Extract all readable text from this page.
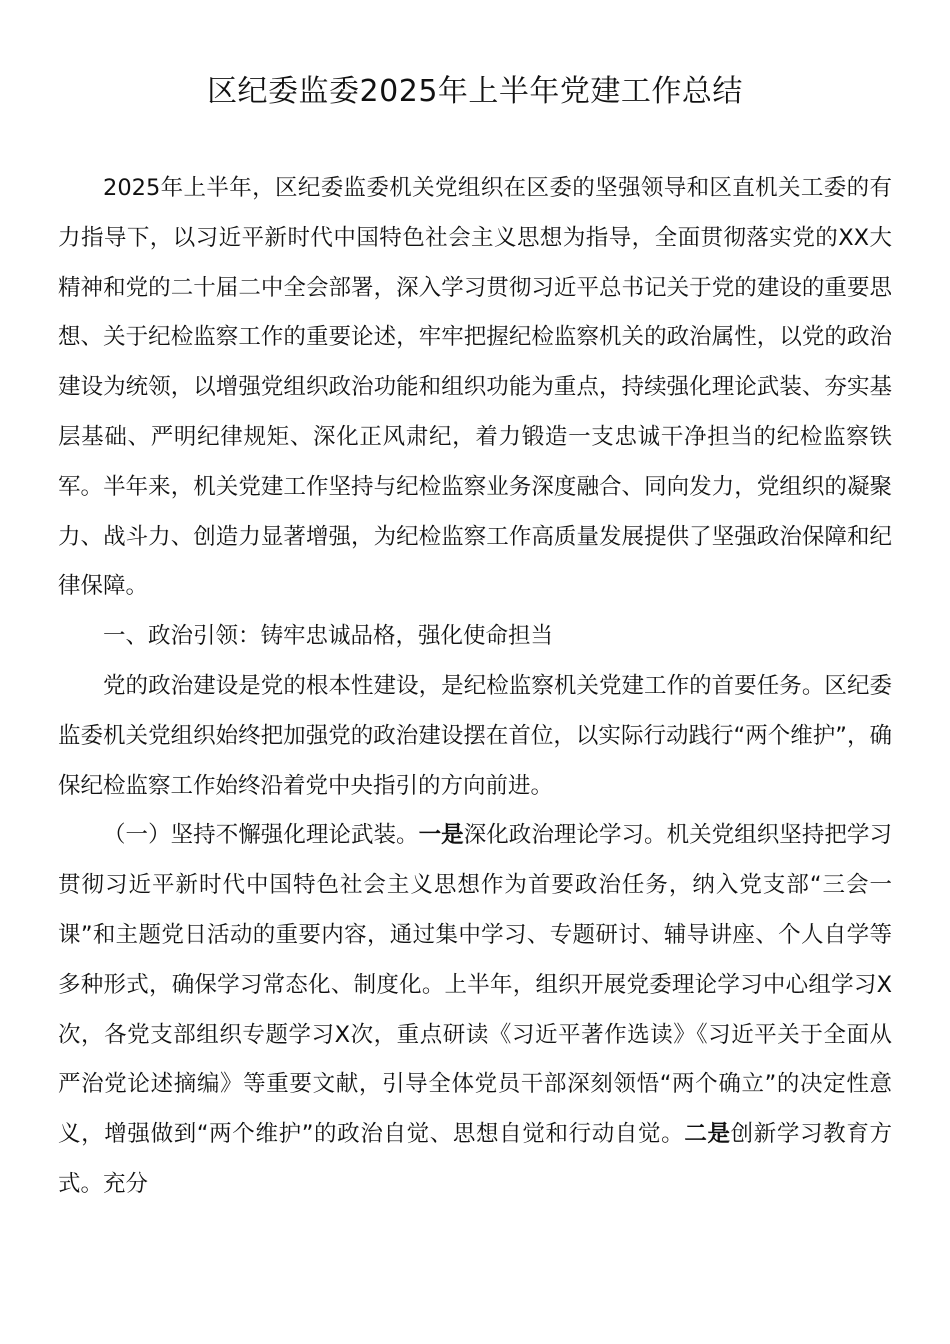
区纪委监委2025年上半年党建工作总结

2025年上半年，区纪委监委机关党组织在区委的坚强领导和区直机关工委的有力指导下，以习近平新时代中国特色社会主义思想为指导，全面贯彻落实党的XX大精神和党的二十届二中全会部署，深入学习贯彻习近平总书记关于党的建设的重要思想、关于纪检监察工作的重要论述，牢牢把握纪检监察机关的政治属性，以党的政治建设为统领，以增强党组织政治功能和组织功能为重点，持续强化理论武装、夯实基层基础、严明纪律规矩、深化正风肃纪，着力锻造一支忠诚干净担当的纪检监察铁军。半年来，机关党建工作坚持与纪检监察业务深度融合、同向发力，党组织的凝聚力、战斗力、创造力显著增强，为纪检监察工作高质量发展提供了坚强政治保障和纪律保障。

一、政治引领：铸牢忠诚品格，强化使命担当

党的政治建设是党的根本性建设，是纪检监察机关党建工作的首要任务。区纪委监委机关党组织始终把加强党的政治建设摆在首位，以实际行动践行“两个维护”，确保纪检监察工作始终沿着党中央指引的方向前进。

（一）坚持不懈强化理论武装。一是深化政治理论学习。机关党组织坚持把学习贯彻习近平新时代中国特色社会主义思想作为首要政治任务，纳入党支部“三会一课”和主题党日活动的重要内容，通过集中学习、专题研讨、辅导讲座、个人自学等多种形式，确保学习常态化、制度化。上半年，组织开展党委理论学习中心组学习X次，各党支部组织专题学习X次，重点研读《习近平著作选读》《习近平关于全面从严治党论述摘编》等重要文献，引导全体党员干部深刻领悟“两个确立”的决定性意义，增强做到“两个维护”的政治自觉、思想自觉和行动自觉。二是创新学习教育方式。充分
